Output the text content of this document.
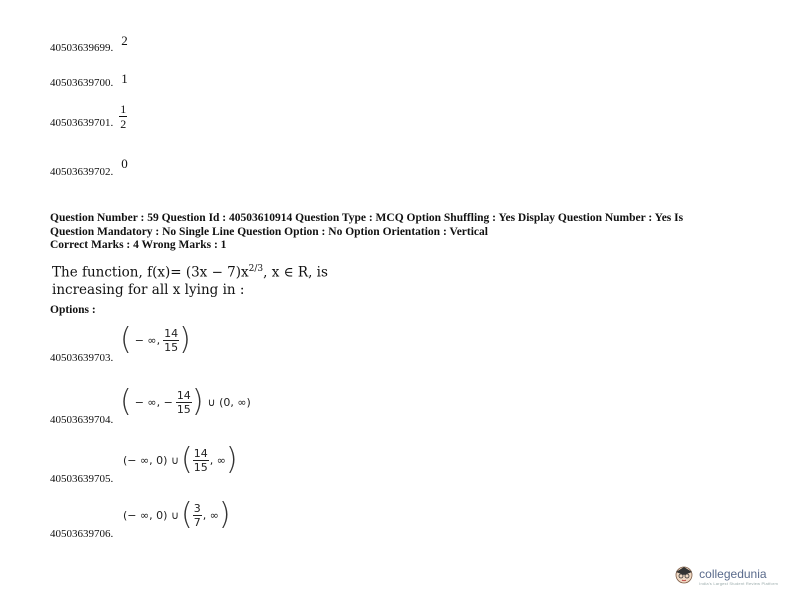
$_{40503639699.}$ 2
40503639700. 1
40503639701. $\frac{1}{2}$
$_{40503639702.}$ 0
Question Number : 59 Question Id : 40503610914 Question Type : MCQ Option Shuffling : Yes Display Question Number : Yes Is
Question Mandatory : No Single Line Question Option : No Option Orientation : Vertical
Correct Marks : 4 Wrong Marks : 1
The function, $f(x)= (3x - 7)x^{2/3}$, x ∈ R, is
increasing for all x lying in :
Options :
( − ∞, $\frac{14}{15}$ )
40503639703.
( − ∞, − $\frac{14}{15}$ ) ∪ (0, ∞)
40503639704.
(− ∞, 0) ∪ ( $\frac{14}{15}$ , ∞ )
40503639705.
(− ∞, 0) ∪ ( $\frac{3}{7}$ , ∞ )
40503639706.
collegedunia
India's Largest Student Review Platform
